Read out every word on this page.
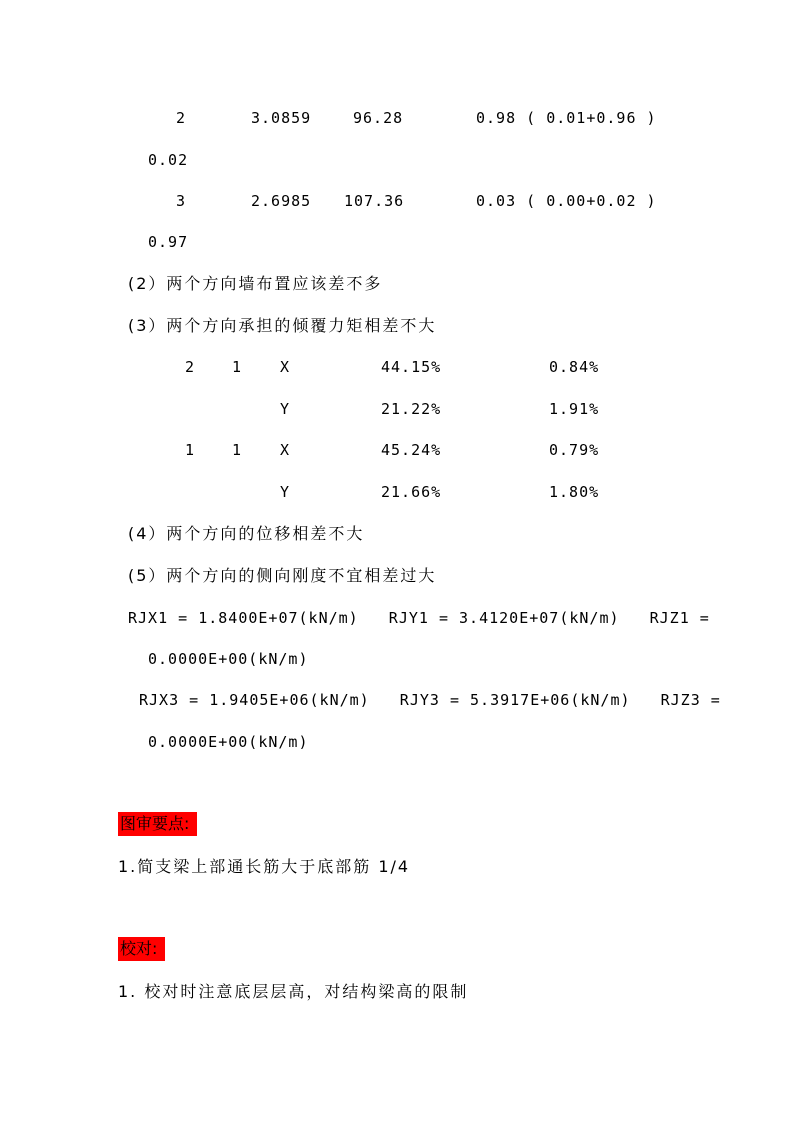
2	3.0859	96.28	0.98 ( 0.01+0.96 )
0.02
3	2.6985 107.36	0.03 ( 0.00+0.02 )
0.97
(2）两个方向墙布置应该差不多
(3）两个方向承担的倾覆力矩相差不大
2 1	X	44.15%	0.84%
Y	21.22%	1.91%
1 1	X	45.24%	0.79%
Y	21.66%	1.80%
(4）两个方向的位移相差不大
(5）两个方向的侧向刚度不宜相差过大
RJX1 = 1.8400E+07(kN/m)   RJY1 = 3.4120E+07(kN/m)   RJZ1 =
0.0000E+00(kN/m)
RJX3 = 1.9405E+06(kN/m)   RJY3 = 5.3917E+06(kN/m)   RJZ3 =
0.0000E+00(kN/m)
图审要点:
1.简支梁上部通长筋大于底部筋 1/4
校对:
1. 校对时注意底层层高，对结构梁高的限制
